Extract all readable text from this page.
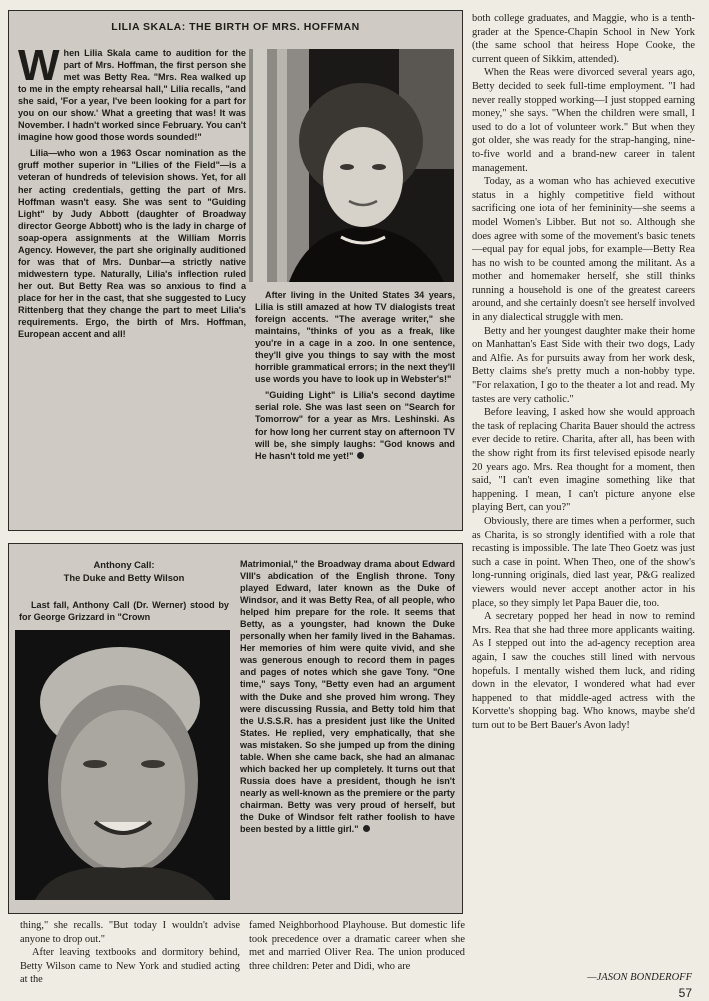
LILIA SKALA: THE BIRTH OF MRS. HOFFMAN
W hen Lilia Skala came to audition for the part of Mrs. Hoffman, the first person she met was Betty Rea. "Mrs. Rea walked up to me in the empty rehearsal hall," Lilia recalls, "and she said, 'For a year, I've been looking for a part for you on our show.' What a greeting that was! It was November. I hadn't worked since February. You can't imagine how good those words sounded!"

Lilia—who won a 1963 Oscar nomination as the gruff mother superior in "Lilies of the Field"—is a veteran of hundreds of television shows. Yet, for all her acting credentials, getting the part of Mrs. Hoffman wasn't easy. She was sent to "Guiding Light" by Judy Abbott (daughter of Broadway director George Abbott) who is the lady in charge of soap-opera assignments at the William Morris Agency. However, the part she originally auditioned for was that of Mrs. Dunbar—a strictly native midwestern type. Naturally, Lilia's inflection ruled her out. But Betty Rea was so anxious to find a place for her in the cast, that she suggested to Lucy Rittenberg that they change the part to meet Lilia's requirements. Ergo, the birth of Mrs. Hoffman, European accent and all!

After living in the United States 34 years, Lilia is still amazed at how TV dialogists treat foreign accents. "The average writer," she maintains, "thinks of you as a freak, like you're in a cage in a zoo. In one sentence, they'll give you things to say with the most horrible grammatical errors; in the next they'll use words you have to look up in Webster's!"

"Guiding Light" is Lilia's second daytime serial role. She was last seen on "Search for Tomorrow" for a year as Mrs. Leshinski. As for how long her current stay on afternoon TV will be, she simply laughs: "God knows and He hasn't told me yet!"

Anthony Call:
The Duke and Betty Wilson

Last fall, Anthony Call (Dr. Werner) stood by for George Grizzard in "Crown

Matrimonial," the Broadway drama about Edward VIII's abdication of the English throne. Tony played Edward, later known as the Duke of Windsor, and it was Betty Rea, of all people, who helped him prepare for the role. It seems that Betty, as a youngster, had known the Duke personally when her family lived in the Bahamas. Her memories of him were quite vivid, and she was generous enough to record them in pages and pages of notes which she gave Tony. "One time," says Tony, "Betty even had an argument with the Duke and she proved him wrong. They were discussing Russia, and Betty told him that the U.S.S.R. has a president just like the United States. He replied, very emphatically, that she was mistaken. So she jumped up from the dining table. When she came back, she had an almanac which backed her up completely. It turns out that Russia does have a president, though he isn't nearly as well-known as the premiere or the party chairman. Betty was very proud of herself, but the Duke of Windsor felt rather foolish to have been bested by a little girl."

thing," she recalls. "But today I wouldn't advise anyone to drop out."

After leaving textbooks and dormitory behind, Betty Wilson came to New York and studied acting at the

famed Neighborhood Playhouse. But domestic life took precedence over a dramatic career when she met and married Oliver Rea. The union produced three children: Peter and Didi, who are

both college graduates, and Maggie, who is a tenth-grader at the Spence-Chapin School in New York (the same school that heiress Hope Cooke, the current queen of Sikkim, attended).

When the Reas were divorced several years ago, Betty decided to seek full-time employment. "I had never really stopped working—I just stopped earning money," she says. "When the children were small, I used to do a lot of volunteer work." But when they got older, she was ready for the strap-hanging, nine-to-five world and a brand-new career in talent management.

Today, as a woman who has achieved executive status in a highly competitive field without sacrificing one iota of her femininity—she seems a model Women's Libber. But not so. Although she does agree with some of the movement's basic tenets—equal pay for equal jobs, for example—Betty Rea has no wish to be counted among the militant. As a mother and homemaker herself, she still thinks running a household is one of the greatest careers around, and she certainly doesn't see herself involved in any dialectical struggle with men.

Betty and her youngest daughter make their home on Manhattan's East Side with their two dogs, Lady and Alfie. As for pursuits away from her work desk, Betty claims she's pretty much a non-hobby type. "For relaxation, I go to the theater a lot and read. My tastes are very catholic."

Before leaving, I asked how she would approach the task of replacing Charita Bauer should the actress ever decide to retire. Charita, after all, has been with the show right from its first televised episode nearly 20 years ago. Mrs. Rea thought for a moment, then said, "I can't even imagine something like that happening. I mean, I can't picture anyone else playing Bert, can you?"

Obviously, there are times when a performer, such as Charita, is so strongly identified with a role that recasting is impossible. The late Theo Goetz was just such a case in point. When Theo, one of the show's long-running originals, died last year, P&G realized viewers would never accept another actor in his place, so they simply let Papa Bauer die, too.

A secretary popped her head in now to remind Mrs. Rea that she had three more applicants waiting. As I stepped out into the ad-agency reception area again, I saw the couches still lined with nervous hopefuls. I mentally wished them luck, and riding down in the elevator, I wondered what had ever happened to that middle-aged actress with the Korvette's shopping bag. Who knows, maybe she'd turn out to be Bert Bauer's Avon lady!

—JASON BONDEROFF
57
